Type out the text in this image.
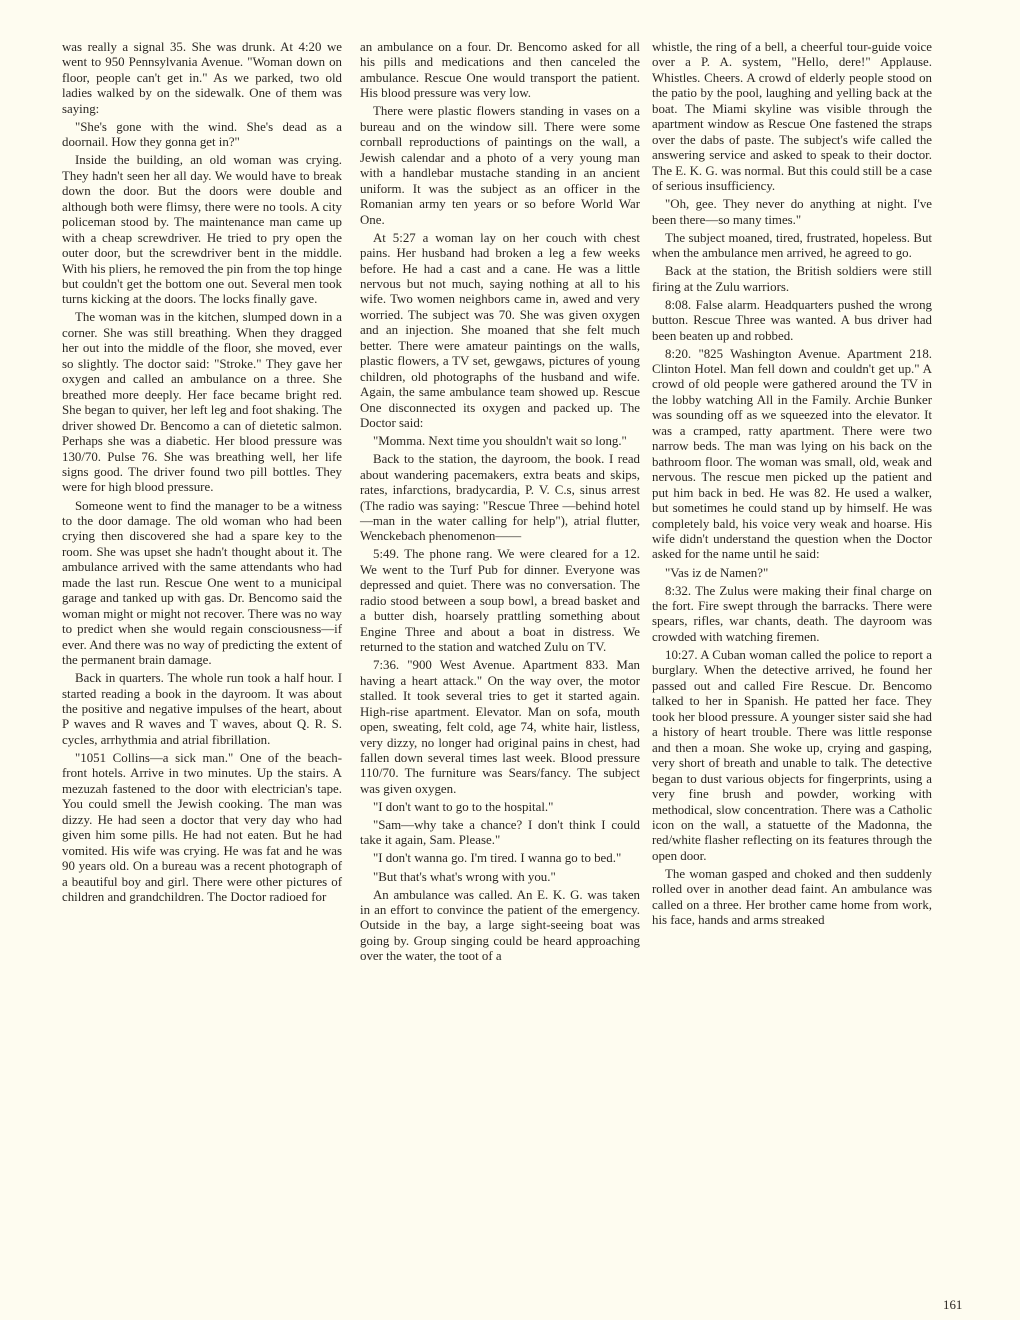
was really a signal 35. She was drunk. At 4:20 we went to 950 Pennsylvania Avenue. "Woman down on floor, people can't get in." As we parked, two old ladies walked by on the sidewalk. One of them was saying:

"She's gone with the wind. She's dead as a doornail. How they gonna get in?"

Inside the building, an old woman was crying. They hadn't seen her all day. We would have to break down the door. But the doors were double and although both were flimsy, there were no tools. A city policeman stood by. The maintenance man came up with a cheap screwdriver. He tried to pry open the outer door, but the screwdriver bent in the middle. With his pliers, he removed the pin from the top hinge but couldn't get the bottom one out. Several men took turns kicking at the doors. The locks finally gave.

The woman was in the kitchen, slumped down in a corner. She was still breathing. When they dragged her out into the middle of the floor, she moved, ever so slightly. The doctor said: "Stroke." They gave her oxygen and called an ambulance on a three. She breathed more deeply. Her face became bright red. She began to quiver, her left leg and foot shaking. The driver showed Dr. Bencomo a can of dietetic salmon. Perhaps she was a diabetic. Her blood pressure was 130/70. Pulse 76. She was breathing well, her life signs good. The driver found two pill bottles. They were for high blood pressure.

Someone went to find the manager to be a witness to the door damage. The old woman who had been crying then discovered she had a spare key to the room. She was upset she hadn't thought about it. The ambulance arrived with the same attendants who had made the last run. Rescue One went to a municipal garage and tanked up with gas. Dr. Bencomo said the woman might or might not recover. There was no way to predict when she would regain consciousness—if ever. And there was no way of predicting the extent of the permanent brain damage.

Back in quarters. The whole run took a half hour. I started reading a book in the dayroom. It was about the positive and negative impulses of the heart, about P waves and R waves and T waves, about Q. R. S. cycles, arrhythmia and atrial fibrillation.

"1051 Collins—a sick man." One of the beach-front hotels. Arrive in two minutes. Up the stairs. A mezuzah fastened to the door with electrician's tape. You could smell the Jewish cooking. The man was dizzy. He had seen a doctor that very day who had given him some pills. He had not eaten. But he had vomited. His wife was crying. He was fat and he was 90 years old. On a bureau was a recent photograph of a beautiful boy and girl. There were other pictures of children and grandchildren. The Doctor radioed for

an ambulance on a four. Dr. Bencomo asked for all his pills and medications and then canceled the ambulance. Rescue One would transport the patient. His blood pressure was very low.

There were plastic flowers standing in vases on a bureau and on the window sill. There were some cornball reproductions of paintings on the wall, a Jewish calendar and a photo of a very young man with a handlebar mustache standing in an ancient uniform. It was the subject as an officer in the Romanian army ten years or so before World War One.

At 5:27 a woman lay on her couch with chest pains. Her husband had broken a leg a few weeks before. He had a cast and a cane. He was a little nervous but not much, saying nothing at all to his wife. Two women neighbors came in, awed and very worried. The subject was 70. She was given oxygen and an injection. She moaned that she felt much better. There were amateur paintings on the walls, plastic flowers, a TV set, gewgaws, pictures of young children, old photographs of the husband and wife. Again, the same ambulance team showed up. Rescue One disconnected its oxygen and packed up. The Doctor said:

"Momma. Next time you shouldn't wait so long."

Back to the station, the dayroom, the book. I read about wandering pacemakers, extra beats and skips, rates, infarctions, bradycardia, P. V. C.s, sinus arrest (The radio was saying: "Rescue Three —behind hotel—man in the water calling for help"), atrial flutter, Wenckebach phenomenon——

5:49. The phone rang. We were cleared for a 12. We went to the Turf Pub for dinner. Everyone was depressed and quiet. There was no conversation. The radio stood between a soup bowl, a bread basket and a butter dish, hoarsely prattling something about Engine Three and about a boat in distress. We returned to the station and watched Zulu on TV.

7:36. "900 West Avenue. Apartment 833. Man having a heart attack." On the way over, the motor stalled. It took several tries to get it started again. High-rise apartment. Elevator. Man on sofa, mouth open, sweating, felt cold, age 74, white hair, listless, very dizzy, no longer had original pains in chest, had fallen down several times last week. Blood pressure 110/70. The furniture was Sears/fancy. The subject was given oxygen.

"I don't want to go to the hospital."

"Sam—why take a chance? I don't think I could take it again, Sam. Please."

"I don't wanna go. I'm tired. I wanna go to bed."

"But that's what's wrong with you."

An ambulance was called. An E. K. G. was taken in an effort to convince the patient of the emergency. Outside in the bay, a large sight-seeing boat was going by. Group singing could be heard approaching over the water, the toot of a

whistle, the ring of a bell, a cheerful tour-guide voice over a P. A. system, "Hello, dere!" Applause. Whistles. Cheers. A crowd of elderly people stood on the patio by the pool, laughing and yelling back at the boat. The Miami skyline was visible through the apartment window as Rescue One fastened the straps over the dabs of paste. The subject's wife called the answering service and asked to speak to their doctor. The E. K. G. was normal. But this could still be a case of serious insufficiency.

"Oh, gee. They never do anything at night. I've been there—so many times."

The subject moaned, tired, frustrated, hopeless. But when the ambulance men arrived, he agreed to go.

Back at the station, the British soldiers were still firing at the Zulu warriors.

8:08. False alarm. Headquarters pushed the wrong button. Rescue Three was wanted. A bus driver had been beaten up and robbed.

8:20. "825 Washington Avenue. Apartment 218. Clinton Hotel. Man fell down and couldn't get up." A crowd of old people were gathered around the TV in the lobby watching All in the Family. Archie Bunker was sounding off as we squeezed into the elevator. It was a cramped, ratty apartment. There were two narrow beds. The man was lying on his back on the bathroom floor. The woman was small, old, weak and nervous. The rescue men picked up the patient and put him back in bed. He was 82. He used a walker, but sometimes he could stand up by himself. He was completely bald, his voice very weak and hoarse. His wife didn't understand the question when the Doctor asked for the name until he said:

"Vas iz de Namen?"

8:32. The Zulus were making their final charge on the fort. Fire swept through the barracks. There were spears, rifles, war chants, death. The dayroom was crowded with watching firemen.

10:27. A Cuban woman called the police to report a burglary. When the detective arrived, he found her passed out and called Fire Rescue. Dr. Bencomo talked to her in Spanish. He patted her face. They took her blood pressure. A younger sister said she had a history of heart trouble. There was little response and then a moan. She woke up, crying and gasping, very short of breath and unable to talk. The detective began to dust various objects for fingerprints, using a very fine brush and powder, working with methodical, slow concentration. There was a Catholic icon on the wall, a statuette of the Madonna, the red/white flasher reflecting on its features through the open door.

The woman gasped and choked and then suddenly rolled over in another dead faint. An ambulance was called on a three. Her brother came home from work, his face, hands and arms streaked

161
